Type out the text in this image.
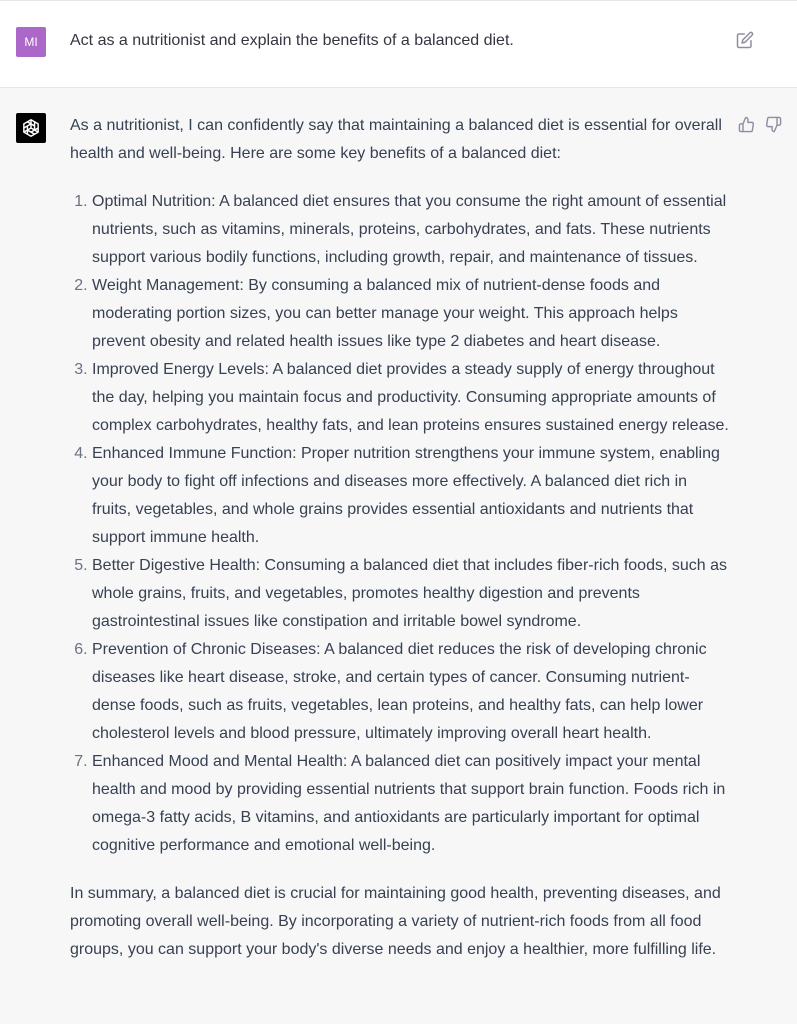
MI	Act as a nutritionist and explain the benefits of a balanced diet.

As a nutritionist, I can confidently say that maintaining a balanced diet is essential for overall health and well-being. Here are some key benefits of a balanced diet:

1. Optimal Nutrition: A balanced diet ensures that you consume the right amount of essential nutrients, such as vitamins, minerals, proteins, carbohydrates, and fats. These nutrients support various bodily functions, including growth, repair, and maintenance of tissues.
2. Weight Management: By consuming a balanced mix of nutrient-dense foods and moderating portion sizes, you can better manage your weight. This approach helps prevent obesity and related health issues like type 2 diabetes and heart disease.
3. Improved Energy Levels: A balanced diet provides a steady supply of energy throughout the day, helping you maintain focus and productivity. Consuming appropriate amounts of complex carbohydrates, healthy fats, and lean proteins ensures sustained energy release.
4. Enhanced Immune Function: Proper nutrition strengthens your immune system, enabling your body to fight off infections and diseases more effectively. A balanced diet rich in fruits, vegetables, and whole grains provides essential antioxidants and nutrients that support immune health.
5. Better Digestive Health: Consuming a balanced diet that includes fiber-rich foods, such as whole grains, fruits, and vegetables, promotes healthy digestion and prevents gastrointestinal issues like constipation and irritable bowel syndrome.
6. Prevention of Chronic Diseases: A balanced diet reduces the risk of developing chronic diseases like heart disease, stroke, and certain types of cancer. Consuming nutrient-dense foods, such as fruits, vegetables, lean proteins, and healthy fats, can help lower cholesterol levels and blood pressure, ultimately improving overall heart health.
7. Enhanced Mood and Mental Health: A balanced diet can positively impact your mental health and mood by providing essential nutrients that support brain function. Foods rich in omega-3 fatty acids, B vitamins, and antioxidants are particularly important for optimal cognitive performance and emotional well-being.

In summary, a balanced diet is crucial for maintaining good health, preventing diseases, and promoting overall well-being. By incorporating a variety of nutrient-rich foods from all food groups, you can support your body's diverse needs and enjoy a healthier, more fulfilling life.
